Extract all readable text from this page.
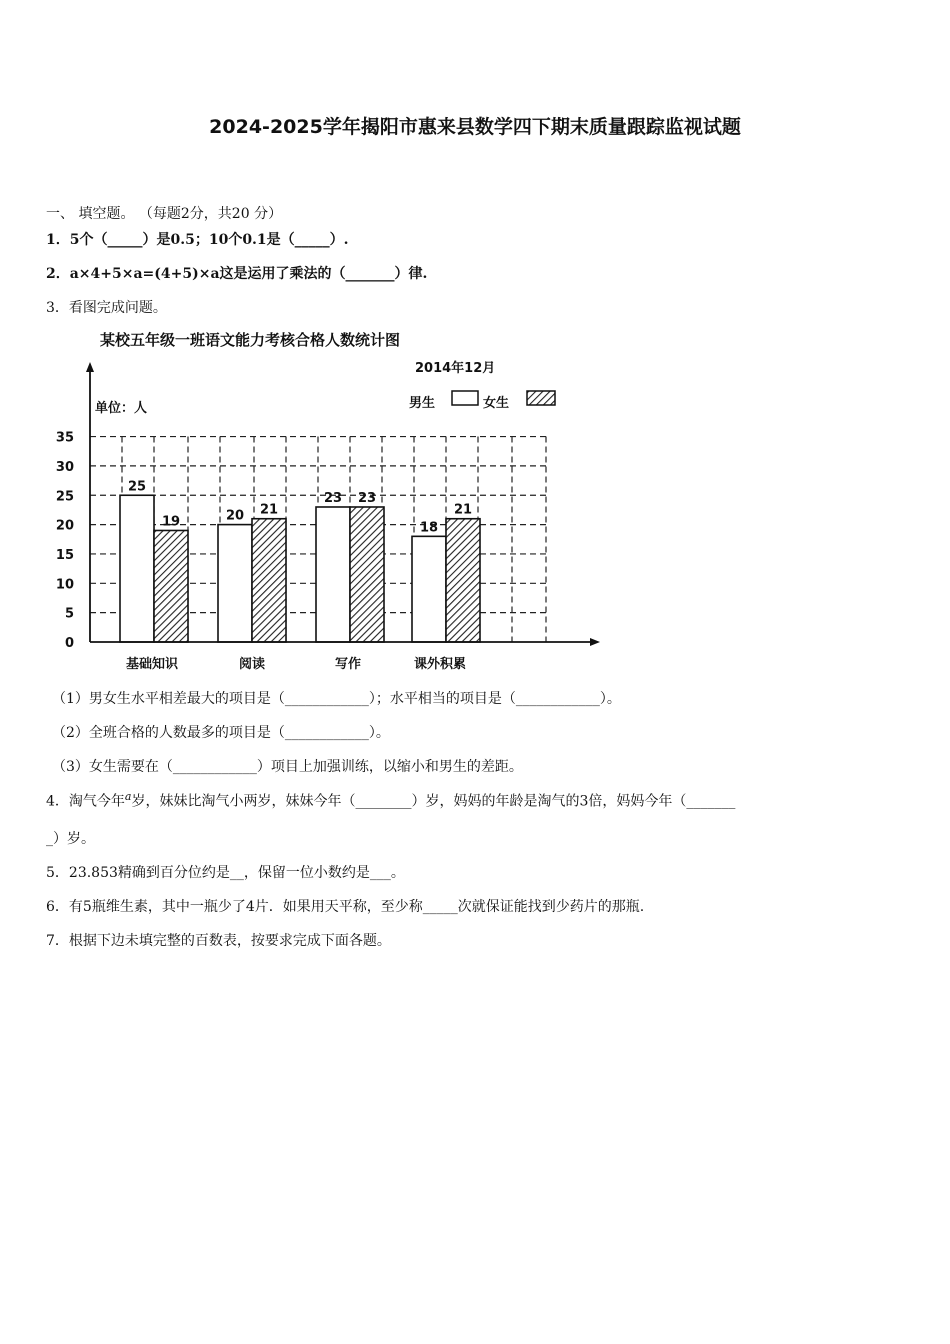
2024-2025学年揭阳市惠来县数学四下期末质量跟踪监视试题
一、 填空题。 （每题2分，共20 分）
1．5个（_____）是0.5；10个0.1是（_____）.
2．a×4+5×a=(4+5)×a这是运用了乘法的（_______）律.
3．看图完成问题。
某校五年级一班语文能力考核合格人数统计图
2014年12月
单位：人	男生	女生
0
5
10
15
20
25
30
35
25
19	20 21
23 23
18
21
基础知识	阅读	写作	课外积累
（1）男女生水平相差最大的项目是（____________）；水平相当的项目是（____________）。
（2）全班合格的人数最多的项目是（____________）。
（3）女生需要在（____________）项目上加强训练，以缩小和男生的差距。
4．淘气今年$^a$岁，妹妹比淘气小两岁，妹妹今年（________）岁，妈妈的年龄是淘气的3倍，妈妈今年（_______
_）岁。
5．23.853精确到百分位约是__，保留一位小数约是___。
6．有5瓶维生素，其中一瓶少了4片．如果用天平称，至少称_____次就保证能找到少药片的那瓶.
7．根据下边未填完整的百数表，按要求完成下面各题。
